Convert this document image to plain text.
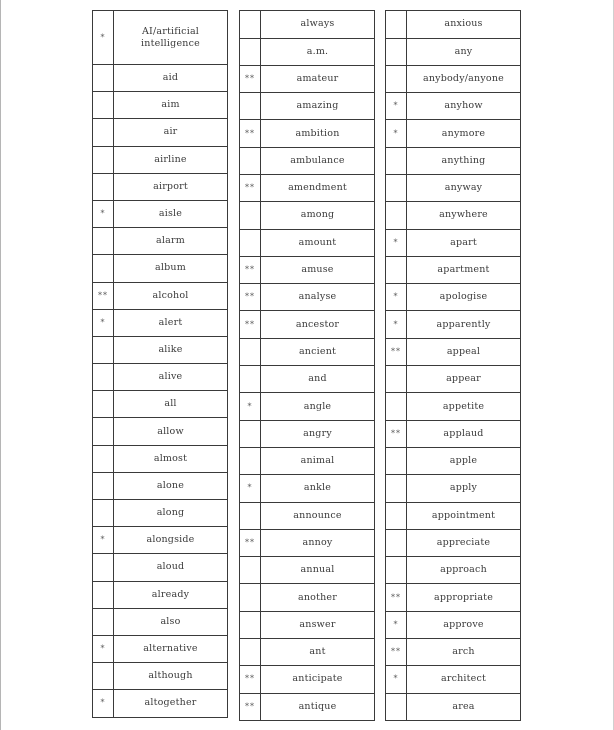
*	AI/artificial intelligence
	aid
	aim
	air
	airline
	airport
*	aisle
	alarm
	album
**	alcohol
*	alert
	alike
	alive
	all
	allow
	almost
	alone
	along
*	alongside
	aloud
	already
	also
*	alternative
	although
*	altogether
	always
	a.m.
**	amateur
	amazing
**	ambition
	ambulance
**	amendment
	among
	amount
**	amuse
**	analyse
**	ancestor
	ancient
	and
*	angle
	angry
	animal
*	ankle
	announce
**	annoy
	annual
	another
	answer
	ant
**	anticipate
**	antique
	anxious
	any
	anybody/anyone
*	anyhow
*	anymore
	anything
	anyway
	anywhere
*	apart
	apartment
*	apologise
*	apparently
**	appeal
	appear
	appetite
**	applaud
	apple
	apply
	appointment
	appreciate
	approach
**	appropriate
*	approve
**	arch
*	architect
	area
